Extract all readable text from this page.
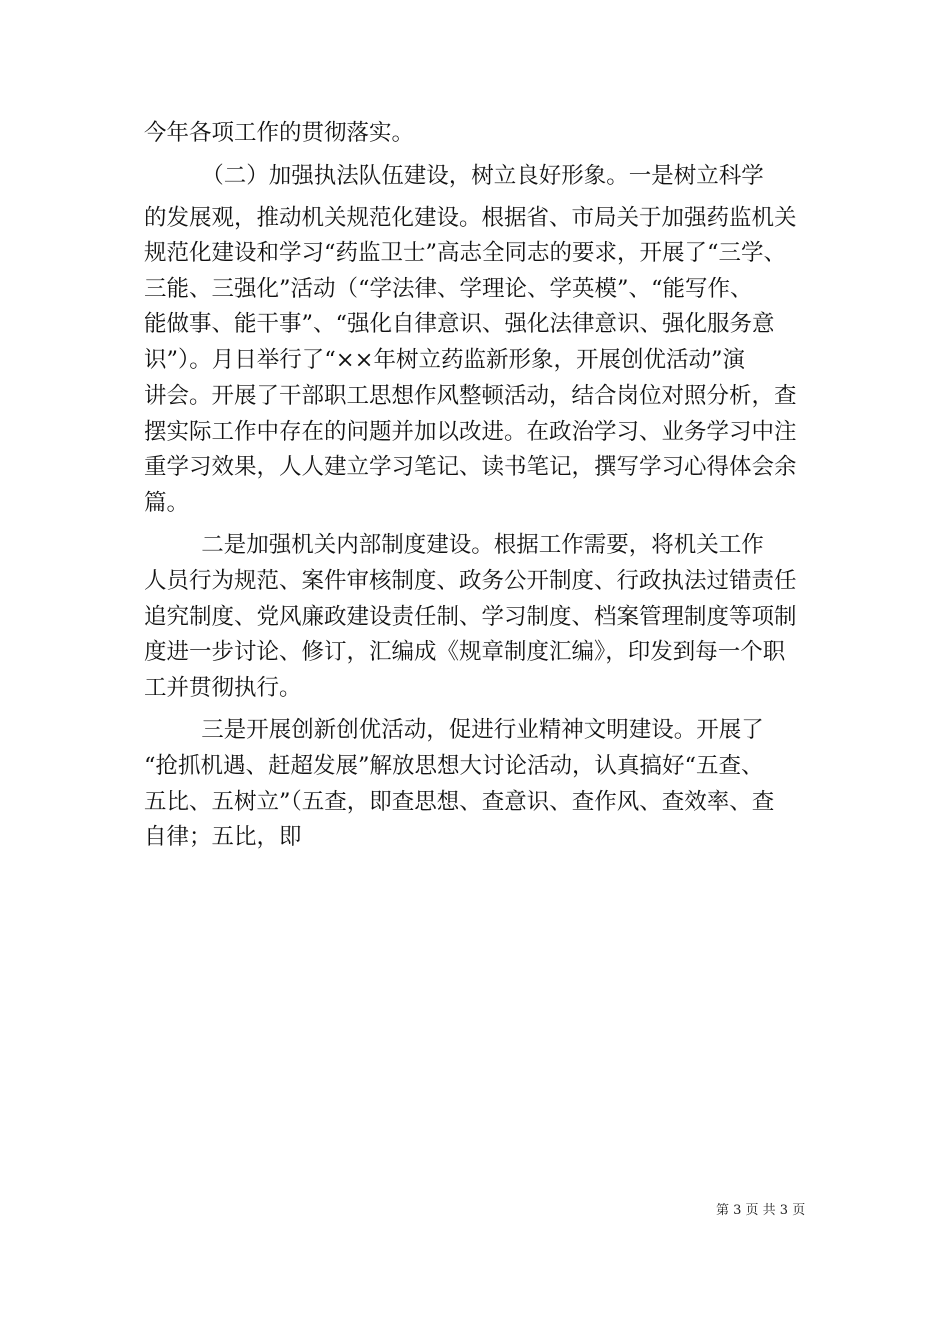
今年各项工作的贯彻落实。
（二）加强执法队伍建设，树立良好形象。一是树立科学
的发展观，推动机关规范化建设。根据省、市局关于加强药监机关
规范化建设和学习“药监卫士”高志全同志的要求，开展了“三学、
三能、三强化”活动（“学法律、学理论、学英模”、“能写作、
能做事、能干事”、“强化自律意识、强化法律意识、强化服务意
识”）。月日举行了“××年树立药监新形象，开展创优活动”演
讲会。开展了干部职工思想作风整顿活动，结合岗位对照分析，查
摆实际工作中存在的问题并加以改进。在政治学习、业务学习中注
重学习效果，人人建立学习笔记、读书笔记，撰写学习心得体会余
篇。
二是加强机关内部制度建设。根据工作需要，将机关工作
人员行为规范、案件审核制度、政务公开制度、行政执法过错责任
追究制度、党风廉政建设责任制、学习制度、档案管理制度等项制
度进一步讨论、修订，汇编成《规章制度汇编》，印发到每一个职
工并贯彻执行。
三是开展创新创优活动，促进行业精神文明建设。开展了
“抢抓机遇、赶超发展”解放思想大讨论活动，认真搞好“五查、
五比、五树立”（五查，即查思想、查意识、查作风、查效率、查
自律；五比，即
第 3 页 共 3 页
